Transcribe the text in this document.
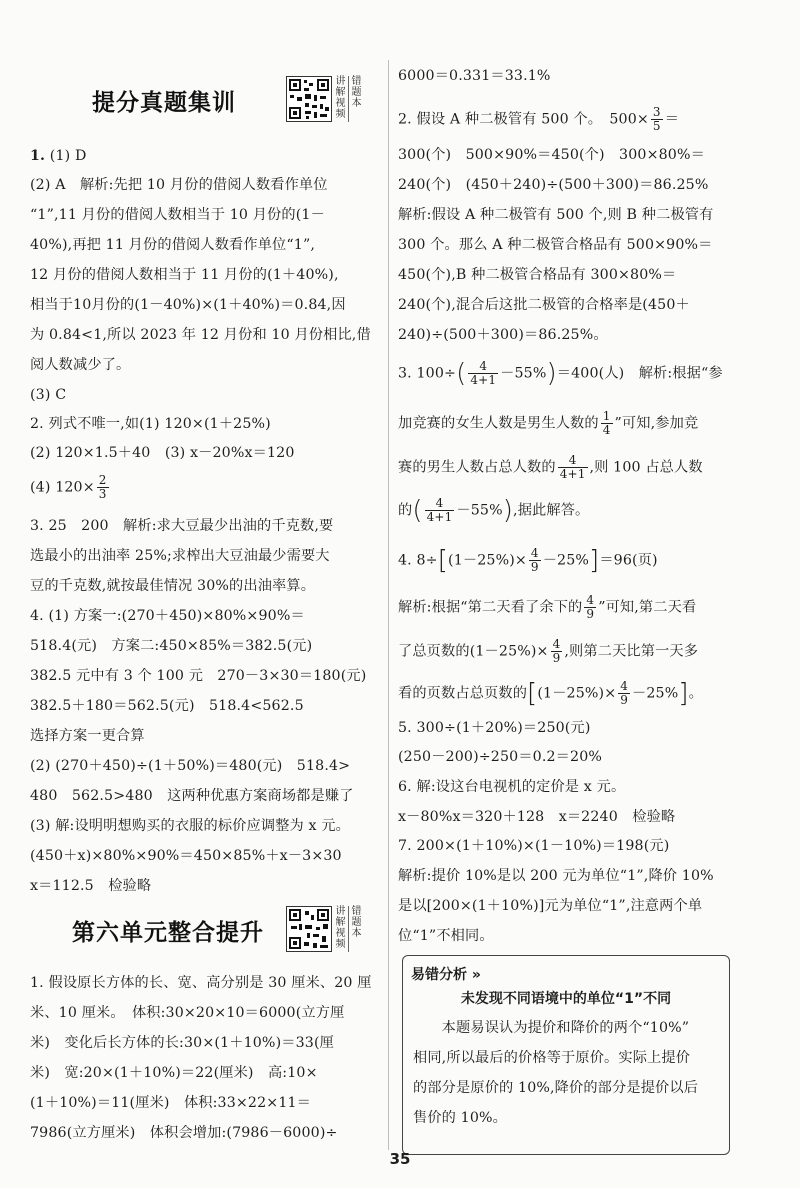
提分真题集训
讲解视频
错题本
1. (1) D
(2) A　解析:先把 10 月份的借阅人数看作单位
“1”,11 月份的借阅人数相当于 10 月份的(1－
40%),再把 11 月份的借阅人数看作单位“1”,
12 月份的借阅人数相当于 11 月份的(1＋40%),
相当于10月份的(1－40%)×(1＋40%)＝0.84,因
为 0.84<1,所以 2023 年 12 月份和 10 月份相比,借
阅人数减少了。
(3) C
2. 列式不唯一,如(1) 120×(1＋25%)
(2) 120×1.5＋40　(3) x－20%x＝120
(4) $120\times \frac{2}{3}$
3. 25　200　解析:求大豆最少出油的千克数,要
选最小的出油率 25%;求榨出大豆油最少需要大
豆的千克数,就按最佳情况 30%的出油率算。
4. (1) 方案一:(270＋450)×80%×90%＝
518.4(元)　方案二:450×85%＝382.5(元)
382.5 元中有 3 个 100 元　270－3×30＝180(元)
382.5＋180＝562.5(元)　518.4<562.5
选择方案一更合算
(2) (270＋450)÷(1＋50%)＝480(元)　518.4>
480　562.5>480　这两种优惠方案商场都是赚了
(3) 解:设明明想购买的衣服的标价应调整为 x 元。
(450＋x)×80%×90%＝450×85%＋x－3×30
x＝112.5　检验略
第六单元整合提升
讲解视频
错题本
1. 假设原长方体的长、宽、高分别是 30 厘米、20 厘
米、10 厘米。　体积:30×20×10＝6000(立方厘
米)　变化后长方体的长:30×(1＋10%)＝33(厘
米)　宽:20×(1＋10%)＝22(厘米)　高:10×
(1＋10%)＝11(厘米)　体积:33×22×11＝
7986(立方厘米)　体积会增加:(7986－6000)÷
6000＝0.331＝33.1%
2. 假设 A 种二极管有 500 个。　$500\times \frac{3}{5}$ ＝
300(个)　500×90%＝450(个)　300×80%＝
240(个)　(450＋240)÷(500＋300)＝86.25%
解析:假设 A 种二极管有 500 个,则 B 种二极管有
300 个。那么 A 种二极管合格品有 500×90%＝
450(个),B 种二极管合格品有 300×80%＝
240(个),混合后这批二极管的合格率是(450＋
240)÷(500＋300)＝86.25%。
3. $100\div( \frac{4}{4+1} -55\%)=400$(人)　解析:根据“参
加竞赛的女生人数是男生人数的 $\frac{1}{4}$ ”可知,参加竞
赛的男生人数占总人数的 $\frac{4}{4+1}$ ,则 100 占总人数
的( $\frac{4}{4+1} -55\%$),据此解答。
4. $8\div[(1-25\%)\times \frac{4}{9} -25\%]=96$(页)
解析:根据“第二天看了余下的 $\frac{4}{9}$ ”可知,第二天看
了总页数的$(1-25\%)\times \frac{4}{9}$ ,则第二天比第一天多
看的页数占总页数的$[(1-25\%)\times \frac{4}{9} -25\%]$。
5. 300÷(1＋20%)＝250(元)
(250－200)÷250＝0.2＝20%
6. 解:设这台电视机的定价是 x 元。
x－80%x＝320＋128　x＝2240　检验略
7. 200×(1＋10%)×(1－10%)＝198(元)
解析:提价 10%是以 200 元为单位“1”,降价 10%
是以[200×(1＋10%)]元为单位“1”,注意两个单
位“1”不相同。
易错分析 »
未发现不同语境中的单位“1”不同
　　本题易误认为提价和降价的两个“10%”
相同,所以最后的价格等于原价。实际上提价
的部分是原价的 10%,降价的部分是提价以后
售价的 10%。
35
